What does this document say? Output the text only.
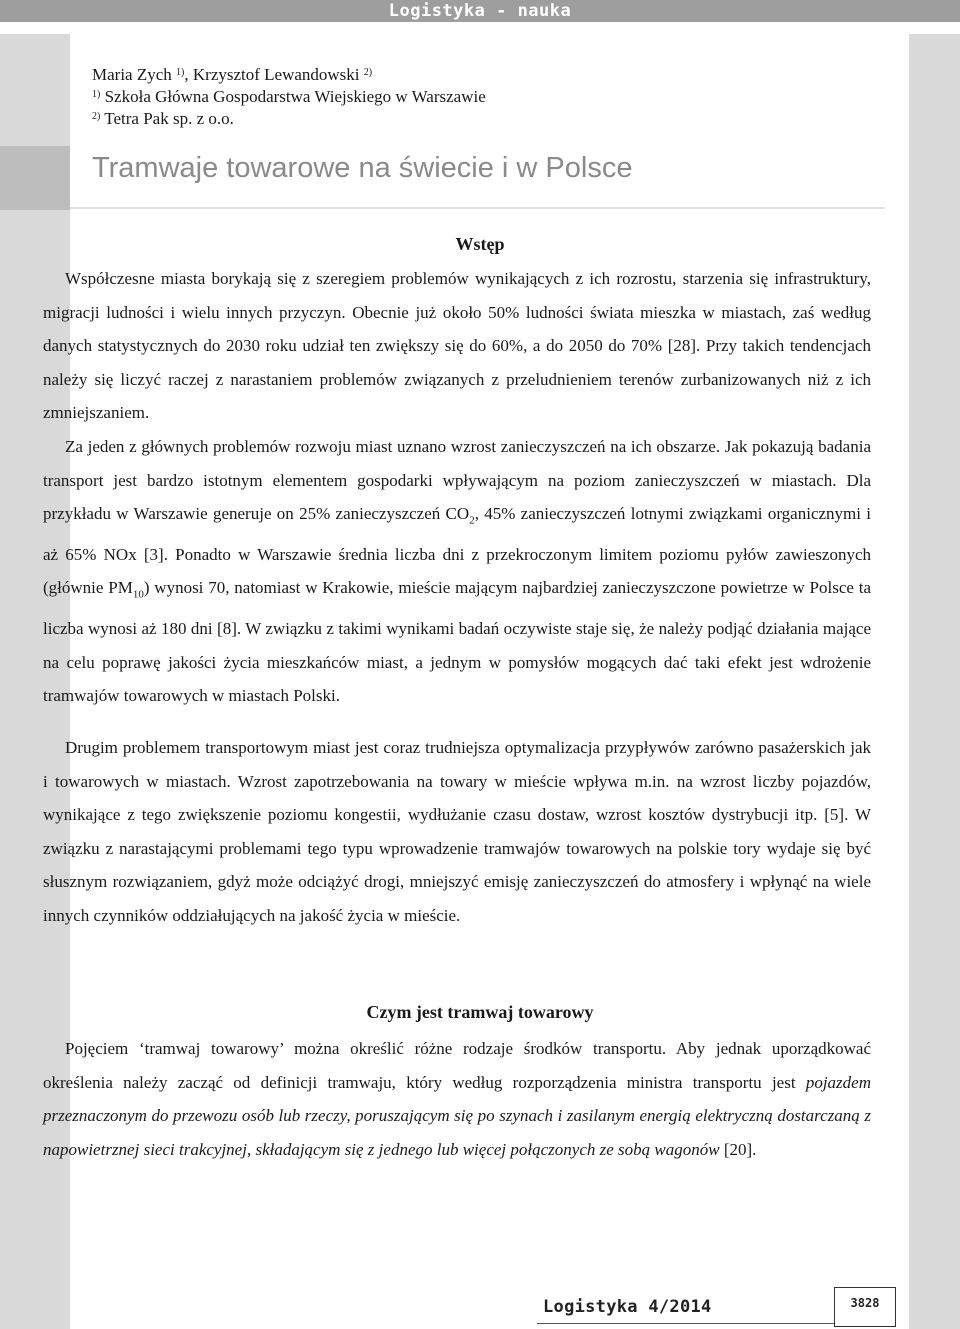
Logistyka - nauka
Maria Zych $^{1)}$, Krzysztof Lewandowski $^{2)}$
$^{1)}$ Szkoła Główna Gospodarstwa Wiejskiego w Warszawie
$^{2)}$ Tetra Pak sp. z o.o.
Tramwaje towarowe na świecie i w Polsce
Wstęp

Współczesne miasta borykają się z szeregiem problemów wynikających z ich rozrostu, starzenia się infrastruktury, migracji ludności i wielu innych przyczyn. Obecnie już około 50% ludności świata mieszka w miastach, zaś według danych statystycznych do 2030 roku udział ten zwiększy się do 60%, a do 2050 do 70% [28]. Przy takich tendencjach należy się liczyć raczej z narastaniem problemów związanych z przeludnieniem terenów zurbanizowanych niż z ich zmniejszaniem.

Za jeden z głównych problemów rozwoju miast uznano wzrost zanieczyszczeń na ich obszarze. Jak pokazują badania transport jest bardzo istotnym elementem gospodarki wpływającym na poziom zanieczyszczeń w miastach. Dla przykładu w Warszawie generuje on 25% zanieczyszczeń $CO_2$, 45% zanieczyszczeń lotnymi związkami organicznymi i aż 65% NOx [3]. Ponadto w Warszawie średnia liczba dni z przekroczonym limitem poziomu pyłów zawieszonych (głównie $PM_{10}$) wynosi 70, natomiast w Krakowie, mieście mającym najbardziej zanieczyszczone powietrze w Polsce ta liczba wynosi aż 180 dni [8]. W związku z takimi wynikami badań oczywiste staje się, że należy podjąć działania mające na celu poprawę jakości życia mieszkańców miast, a jednym w pomysłów mogących dać taki efekt jest wdrożenie tramwajów towarowych w miastach Polski.

Drugim problemem transportowym miast jest coraz trudniejsza optymalizacja przypływów zarówno pasażerskich jak i towarowych w miastach. Wzrost zapotrzebowania na towary w mieście wpływa m.in. na wzrost liczby pojazdów, wynikające z tego zwiększenie poziomu kongestii, wydłużanie czasu dostaw, wzrost kosztów dystrybucji itp. [5]. W związku z narastającymi problemami tego typu wprowadzenie tramwajów towarowych na polskie tory wydaje się być słusznym rozwiązaniem, gdyż może odciążyć drogi, mniejszyć emisję zanieczyszczeń do atmosfery i wpłynąć na wiele innych czynników oddziałujących na jakość życia w mieście.

Czym jest tramwaj towarowy

Pojęciem ‘tramwaj towarowy’ można określić różne rodzaje środków transportu. Aby jednak uporządkować określenia należy zacząć od definicji tramwaju, który według rozporządzenia ministra transportu jest pojazdem przeznaczonym do przewozu osób lub rzeczy, poruszającym się po szynach i zasilanym energią elektryczną dostarczaną z napowietrznej sieci trakcyjnej, składającym się z jednego lub więcej połączonych ze sobą wagonów [20].

Logistyka 4/2014	3828
